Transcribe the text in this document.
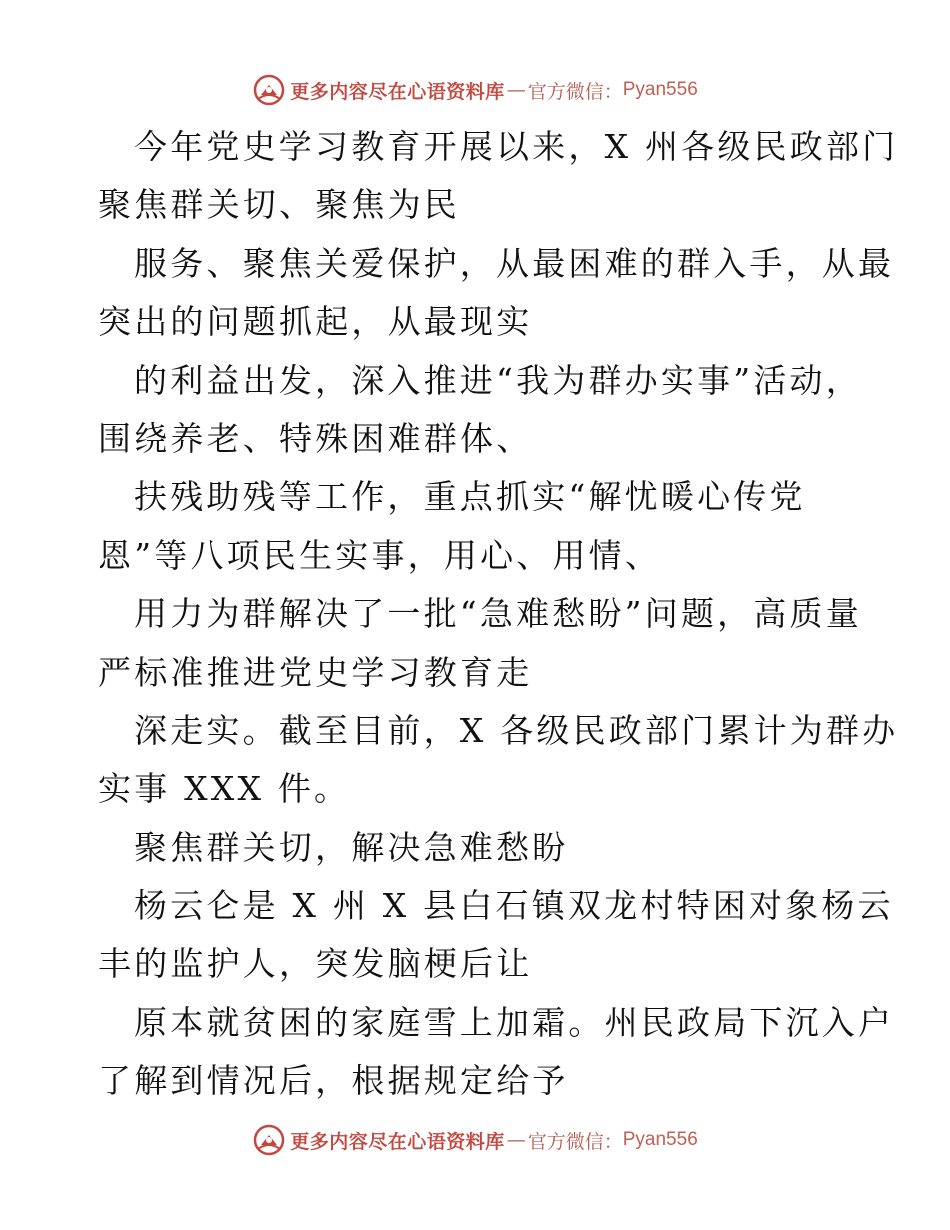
更多内容尽在心语资料库 — 官方微信： Pyan556
今年党史学习教育开展以来，X 州各级民政部门
聚焦群关切、聚焦为民
服务、聚焦关爱保护，从最困难的群入手，从最
突出的问题抓起，从最现实
的利益出发，深入推进“我为群办实事”活动，
围绕养老、特殊困难群体、
扶残助残等工作，重点抓实“解忧暖心传党
恩”等八项民生实事，用心、用情、
用力为群解决了一批“急难愁盼”问题，高质量
严标准推进党史学习教育走
深走实。截至目前，X 各级民政部门累计为群办
实事 XXX 件。
聚焦群关切，解决急难愁盼
杨云仑是 X 州 X 县白石镇双龙村特困对象杨云
丰的监护人，突发脑梗后让
原本就贫困的家庭雪上加霜。州民政局下沉入户
了解到情况后，根据规定给予
更多内容尽在心语资料库 — 官方微信： Pyan556
